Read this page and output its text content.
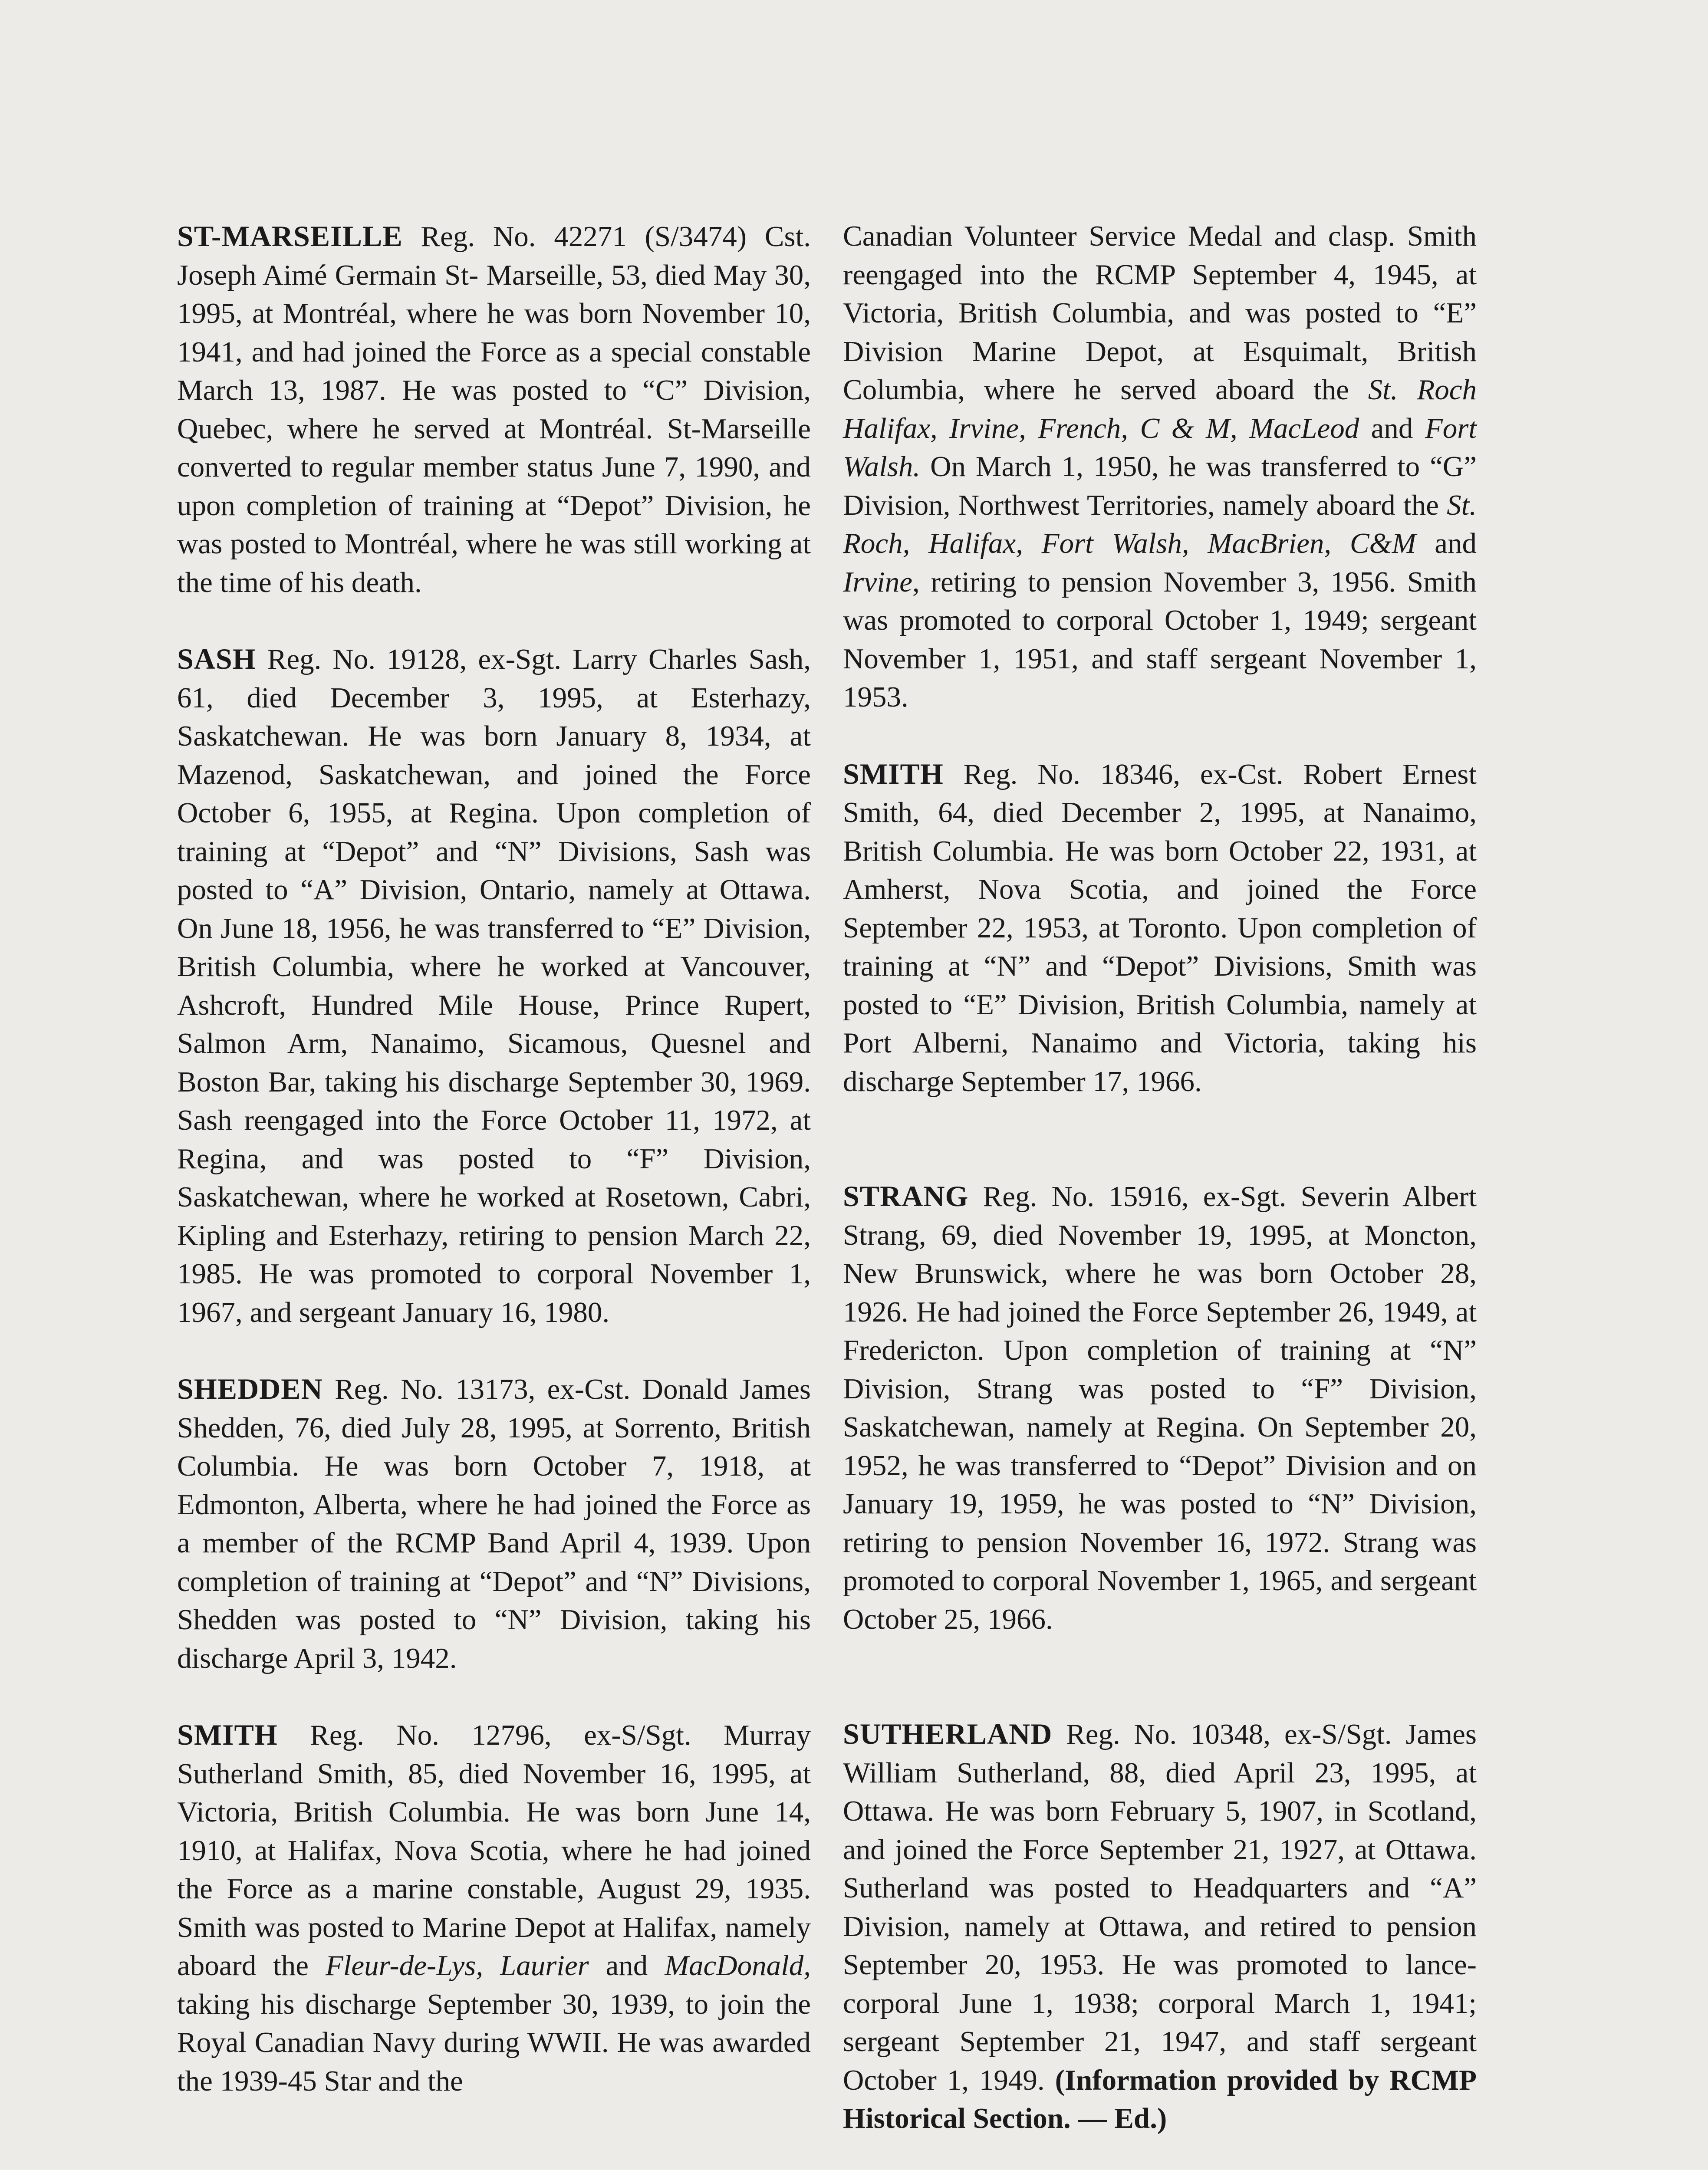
ST-MARSEILLE Reg. No. 42271 (S/3474) Cst. Joseph Aimé Germain St- Marseille, 53, died May 30, 1995, at Montréal, where he was born November 10, 1941, and had joined the Force as a special constable March 13, 1987. He was posted to “C” Division, Quebec, where he served at Montréal. St-Marseille converted to regular member status June 7, 1990, and upon completion of training at “Depot” Division, he was posted to Montréal, where he was still working at the time of his death.

SASH Reg. No. 19128, ex-Sgt. Larry Charles Sash, 61, died December 3, 1995, at Esterhazy, Saskatchewan. He was born January 8, 1934, at Mazenod, Saskatchewan, and joined the Force October 6, 1955, at Regina. Upon completion of training at “Depot” and “N” Divisions, Sash was posted to “A” Division, Ontario, namely at Ottawa. On June 18, 1956, he was transferred to “E” Division, British Columbia, where he worked at Vancouver, Ashcroft, Hundred Mile House, Prince Rupert, Salmon Arm, Nanaimo, Sicamous, Quesnel and Boston Bar, taking his discharge September 30, 1969. Sash reengaged into the Force October 11, 1972, at Regina, and was posted to “F” Division, Saskatchewan, where he worked at Rosetown, Cabri, Kipling and Esterhazy, retiring to pension March 22, 1985. He was promoted to corporal November 1, 1967, and sergeant January 16, 1980.

SHEDDEN Reg. No. 13173, ex-Cst. Donald James Shedden, 76, died July 28, 1995, at Sorrento, British Columbia. He was born October 7, 1918, at Edmonton, Alberta, where he had joined the Force as a member of the RCMP Band April 4, 1939. Upon completion of training at “Depot” and “N” Divisions, Shedden was posted to “N” Division, taking his discharge April 3, 1942.

SMITH Reg. No. 12796, ex-S/Sgt. Murray Sutherland Smith, 85, died November 16, 1995, at Victoria, British Columbia. He was born June 14, 1910, at Halifax, Nova Scotia, where he had joined the Force as a marine constable, August 29, 1935. Smith was posted to Marine Depot at Halifax, namely aboard the Fleur-de-Lys, Laurier and MacDonald, taking his discharge September 30, 1939, to join the Royal Canadian Navy during WWII. He was awarded the 1939-45 Star and the

Canadian Volunteer Service Medal and clasp. Smith reengaged into the RCMP September 4, 1945, at Victoria, British Columbia, and was posted to “E” Division Marine Depot, at Esquimalt, British Columbia, where he served aboard the St. Roch Halifax, Irvine, French, C & M, MacLeod and Fort Walsh. On March 1, 1950, he was transferred to “G” Division, Northwest Territories, namely aboard the St. Roch, Halifax, Fort Walsh, MacBrien, C&M and Irvine, retiring to pension November 3, 1956. Smith was promoted to corporal October 1, 1949; sergeant November 1, 1951, and staff sergeant November 1, 1953.

SMITH Reg. No. 18346, ex-Cst. Robert Ernest Smith, 64, died December 2, 1995, at Nanaimo, British Columbia. He was born October 22, 1931, at Amherst, Nova Scotia, and joined the Force September 22, 1953, at Toronto. Upon completion of training at “N” and “Depot” Divisions, Smith was posted to “E” Division, British Columbia, namely at Port Alberni, Nanaimo and Victoria, taking his discharge September 17, 1966.

STRANG Reg. No. 15916, ex-Sgt. Severin Albert Strang, 69, died November 19, 1995, at Moncton, New Brunswick, where he was born October 28, 1926. He had joined the Force September 26, 1949, at Fredericton. Upon completion of training at “N” Division, Strang was posted to “F” Division, Saskatchewan, namely at Regina. On September 20, 1952, he was transferred to “Depot” Division and on January 19, 1959, he was posted to “N” Division, retiring to pension November 16, 1972. Strang was promoted to corporal November 1, 1965, and sergeant October 25, 1966.

SUTHERLAND Reg. No. 10348, ex-S/Sgt. James William Sutherland, 88, died April 23, 1995, at Ottawa. He was born February 5, 1907, in Scotland, and joined the Force September 21, 1927, at Ottawa. Sutherland was posted to Headquarters and “A” Division, namely at Ottawa, and retired to pension September 20, 1953. He was promoted to lance-corporal June 1, 1938; corporal March 1, 1941; sergeant September 21, 1947, and staff sergeant October 1, 1949. (Information provided by RCMP Historical Section. — Ed.)
